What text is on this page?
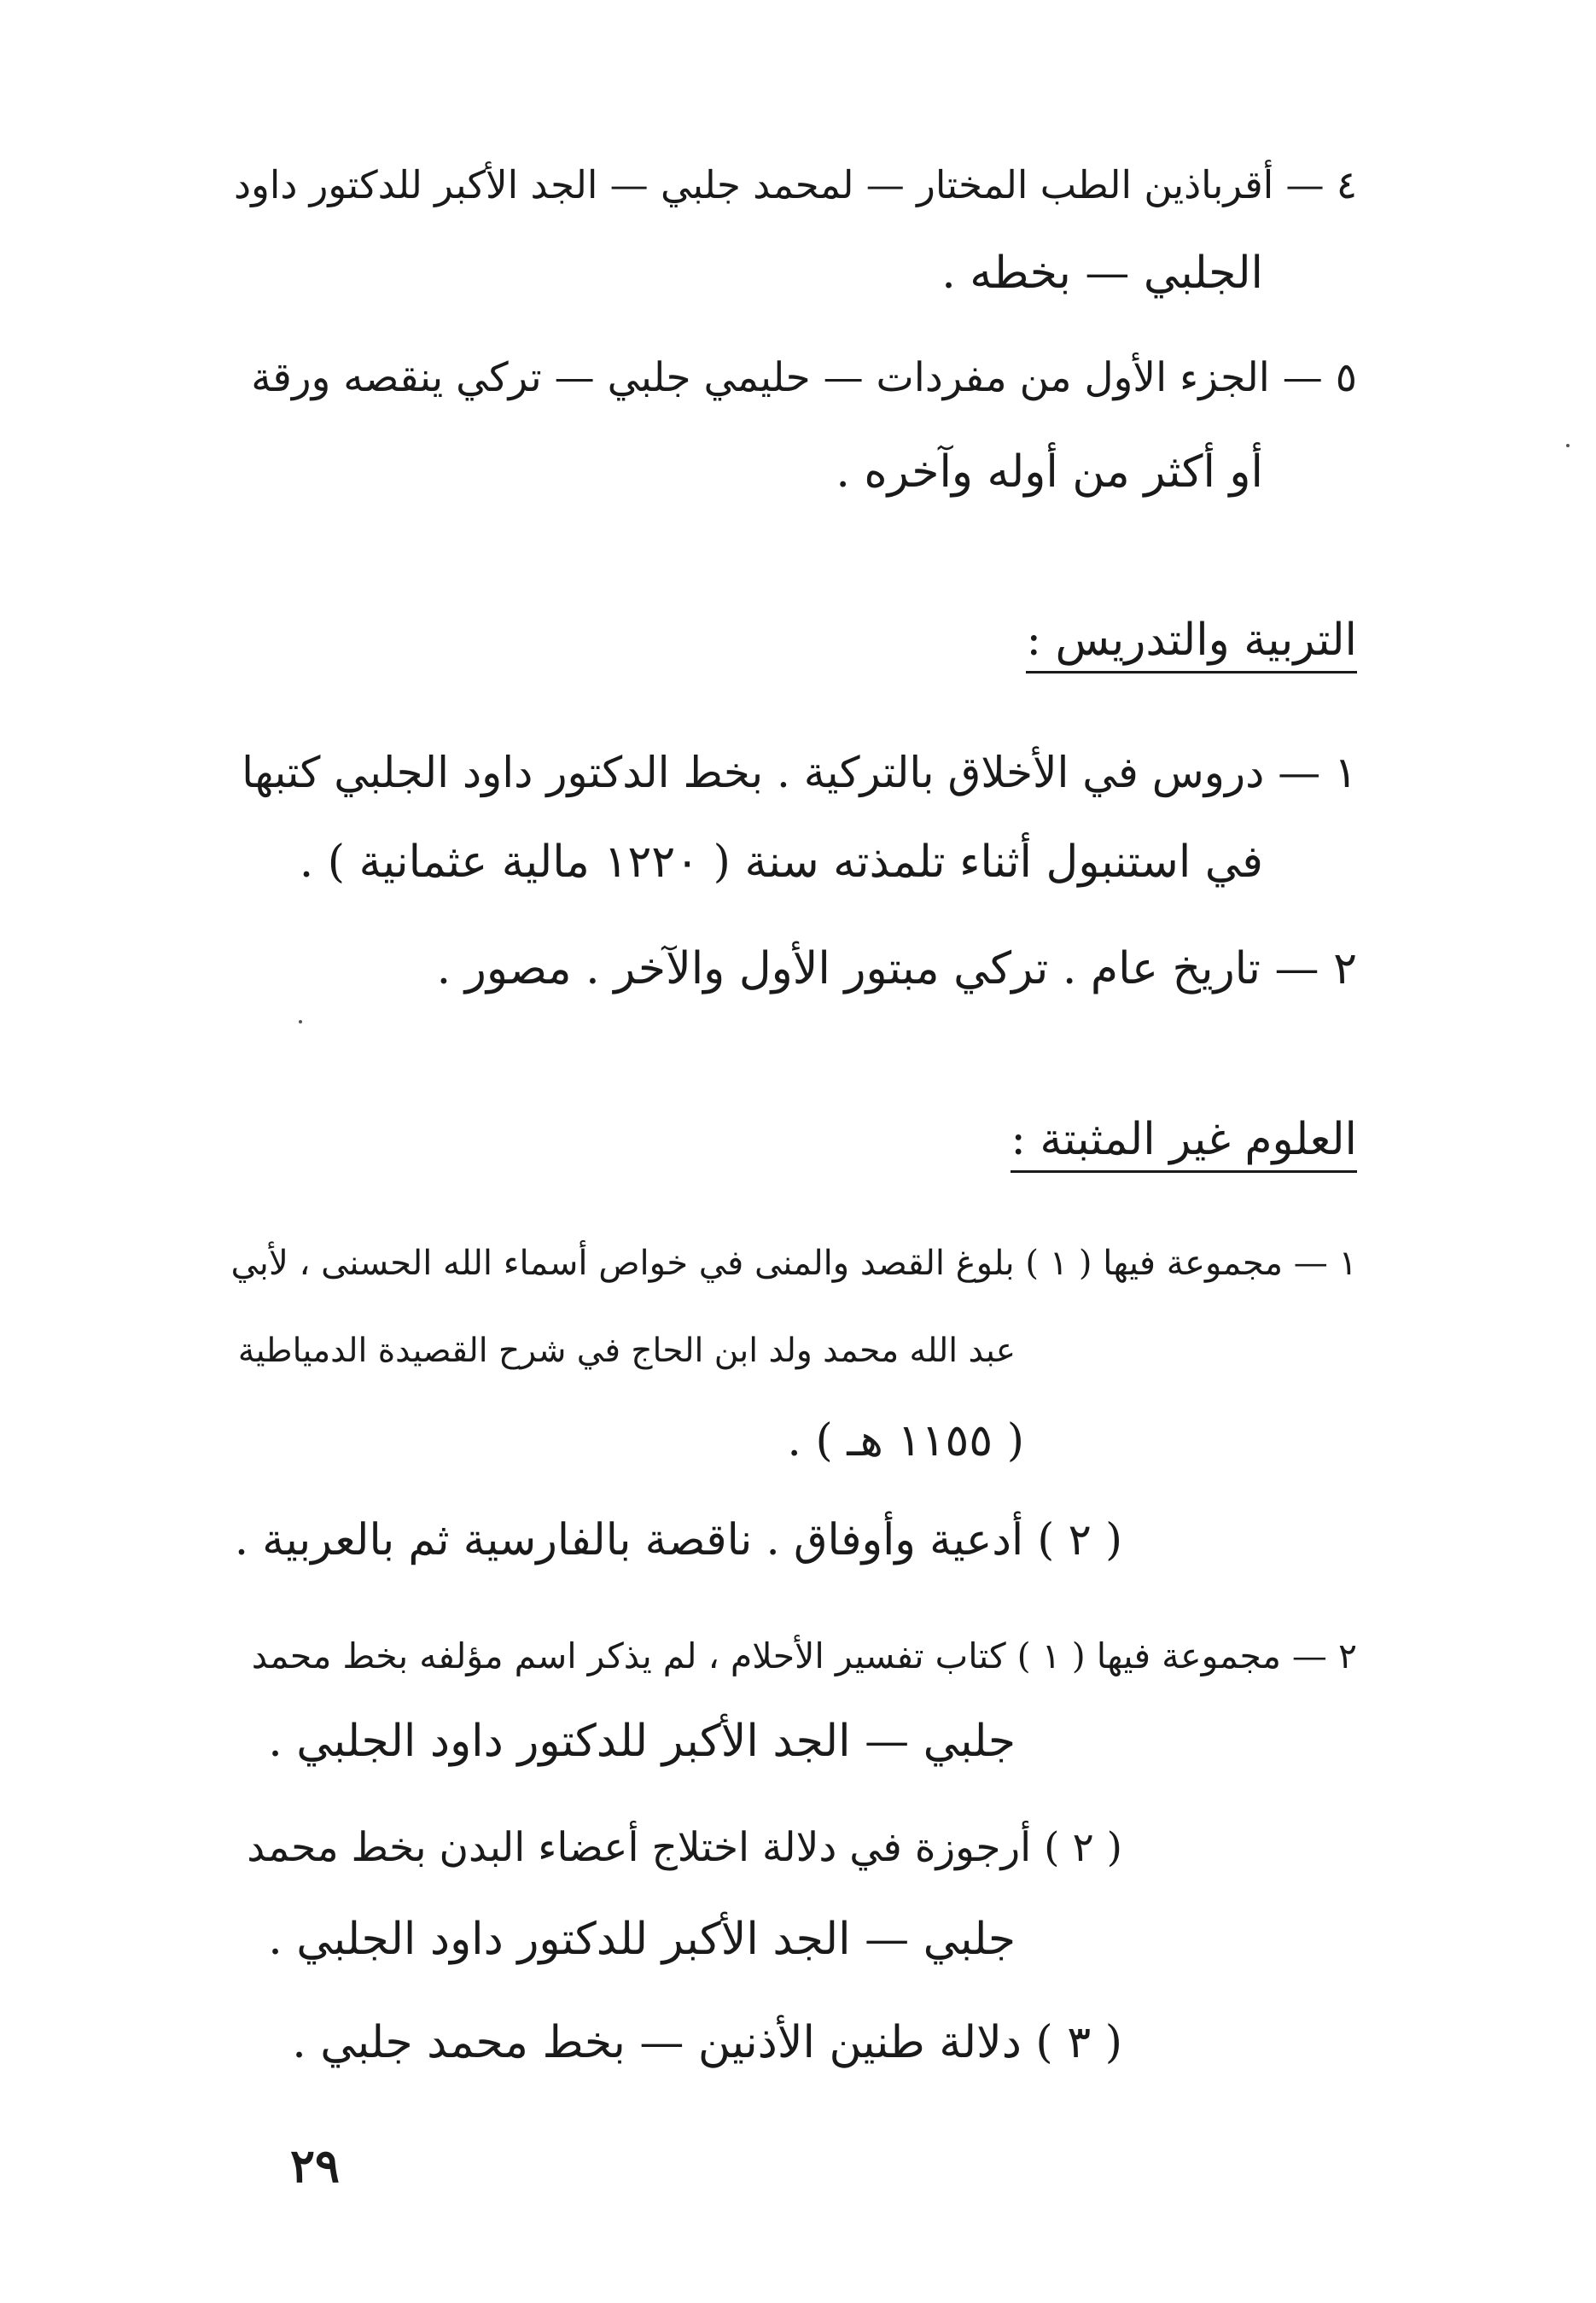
٤ — أقرباذين الطب المختار — لمحمد جلبي — الجد الأكبر للدكتور داود
الجلبي — بخطه .
٥ — الجزء الأول من مفردات — حليمي جلبي — تركي ينقصه ورقة
أو أكثر من أوله وآخره .
التربية والتدريس :
١ — دروس في الأخلاق بالتركية . بخط الدكتور داود الجلبي كتبها
في استنبول أثناء تلمذته سنة ( ١٢٢٠ مالية عثمانية ) .
٢ — تاريخ عام . تركي مبتور الأول والآخر . مصور .
العلوم غير المثبتة :
١ — مجموعة فيها ( ١ ) بلوغ القصد والمنى في خواص أسماء الله الحسنى ، لأبي
عبد الله محمد ولد ابن الحاج في شرح القصيدة الدمياطية
( ١١٥٥ هـ ) .
( ٢ ) أدعية وأوفاق . ناقصة بالفارسية ثم بالعربية .
٢ — مجموعة فيها ( ١ ) كتاب تفسير الأحلام ، لم يذكر اسم مؤلفه بخط محمد
جلبي — الجد الأكبر للدكتور داود الجلبي .
( ٢ ) أرجوزة في دلالة اختلاج أعضاء البدن بخط محمد
جلبي — الجد الأكبر للدكتور داود الجلبي .
( ٣ ) دلالة طنين الأذنين — بخط محمد جلبي .
٢٩
